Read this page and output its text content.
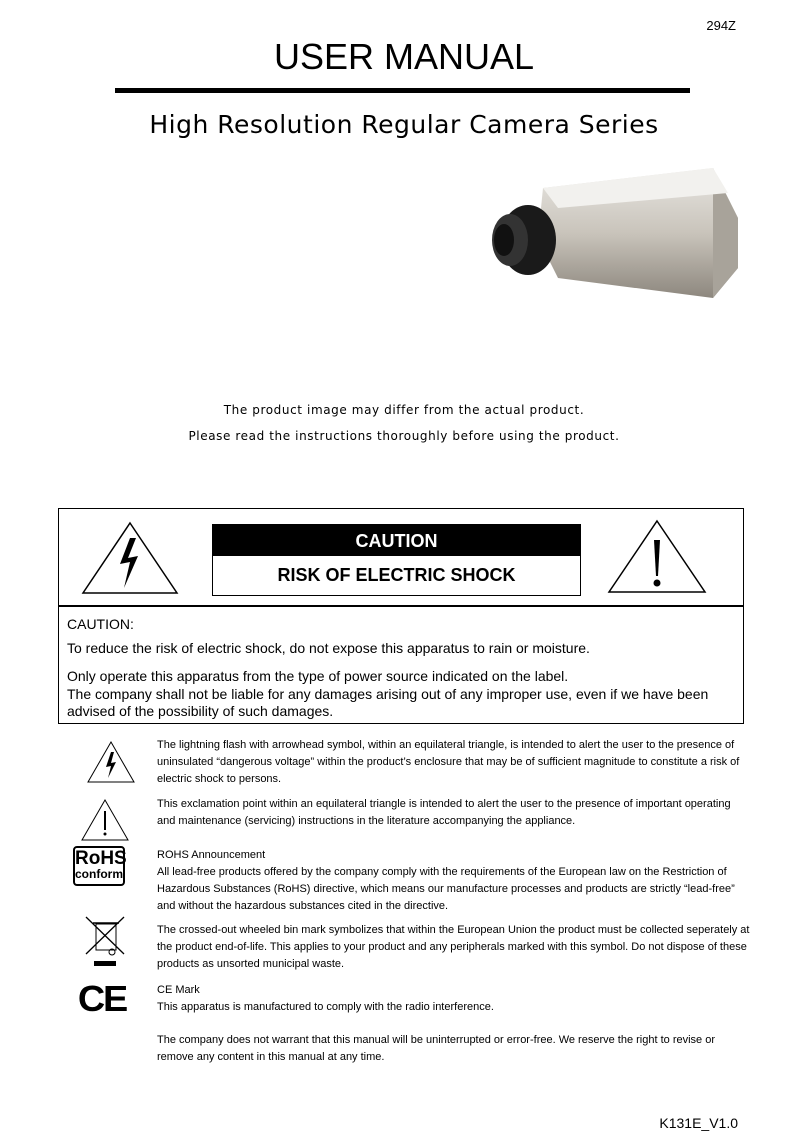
294Z
USER MANUAL
High Resolution Regular Camera Series
The product image may differ from the actual product.
Please read the instructions thoroughly before using the product.
CAUTION
RISK OF ELECTRIC SHOCK
CAUTION:
To reduce the risk of electric shock, do not expose this apparatus to rain or moisture.
Only operate this apparatus from the type of power source indicated on the label.
The company shall not be liable for any damages arising out of any improper use, even if we have been advised of the possibility of such damages.
The lightning flash with arrowhead symbol, within an equilateral triangle, is intended to alert the user to the presence of uninsulated “dangerous voltage” within the product’s enclosure that may be of sufficient magnitude to constitute a risk of electric shock to persons.
This exclamation point within an equilateral triangle is intended to alert the user to the presence of important operating and maintenance (servicing) instructions in the literature accompanying the appliance.
RoHS
conform
ROHS Announcement
All lead-free products offered by the company comply with the requirements of the European law on the Restriction of Hazardous Substances (RoHS) directive, which means our manufacture processes and products are strictly “lead-free” and without the hazardous substances cited in the directive.
The crossed-out wheeled bin mark symbolizes that within the European Union the product must be collected seperately at the product end-of-life. This applies to your product and any peripherals marked with this symbol. Do not dispose of these products as unsorted municipal waste.
CE	CE Mark
This apparatus is manufactured to comply with the radio interference.
The company does not warrant that this manual will be uninterrupted or error-free. We reserve the right to revise or remove any content in this manual at any time.
K131E_V1.0
